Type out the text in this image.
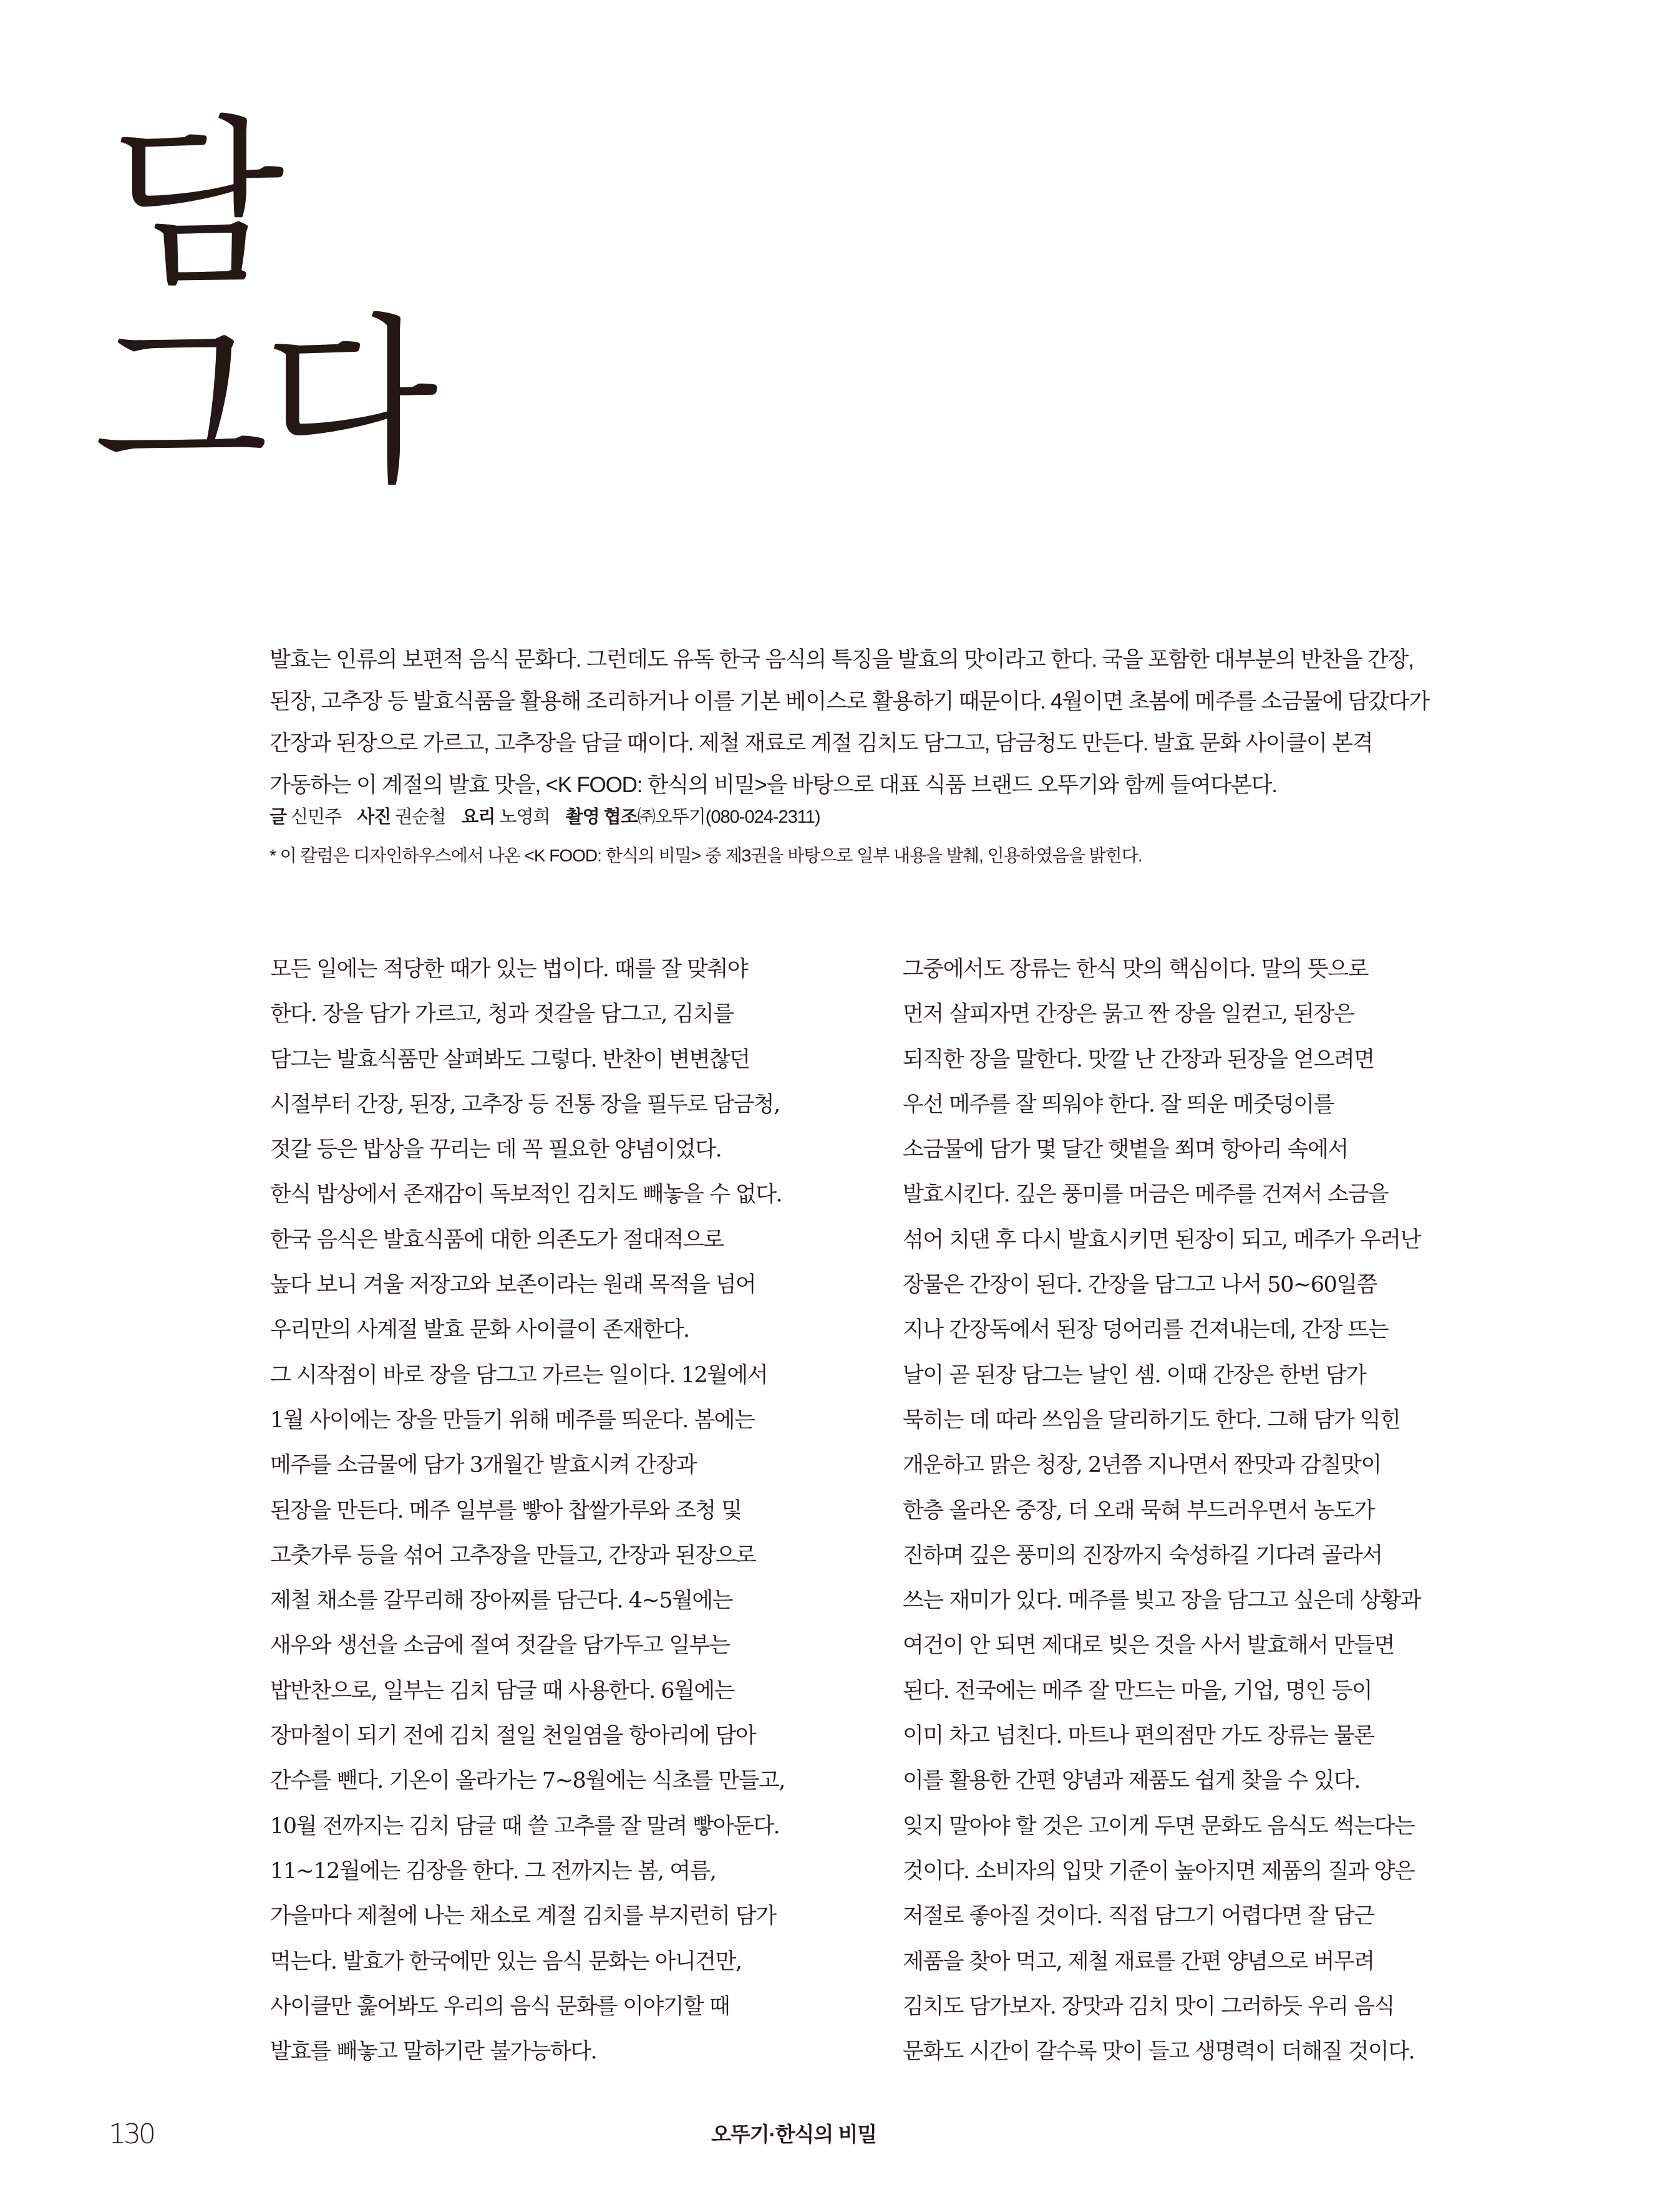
담
그다

발효는 인류의 보편적 음식 문화다. 그런데도 유독 한국 음식의 특징을 발효의 맛이라고 한다. 국을 포함한 대부분의 반찬을 간장,

된장, 고추장 등 발효식품을 활용해 조리하거나 이를 기본 베이스로 활용하기 때문이다. 4월이면 초봄에 메주를 소금물에 담갔다가

간장과 된장으로 가르고, 고추장을 담글 때이다. 제철 재료로 계절 김치도 담그고, 담금청도 만든다. 발효 문화 사이클이 본격

가동하는 이 계절의 발효 맛을, <K FOOD: 한식의 비밀>을 바탕으로 대표 식품 브랜드 오뚜기와 함께 들여다본다.

글 신민주 사진 권순철 요리 노영희 촬영 협조㈜오뚜기(080-024-2311)
* 이 칼럼은 디자인하우스에서 나온 <K FOOD: 한식의 비밀> 중 제3권을 바탕으로 일부 내용을 발췌, 인용하였음을 밝힌다.

모든 일에는 적당한 때가 있는 법이다. 때를 잘 맞춰야

한다. 장을 담가 가르고, 청과 젓갈을 담그고, 김치를

담그는 발효식품만 살펴봐도 그렇다. 반찬이 변변찮던

시절부터 간장, 된장, 고추장 등 전통 장을 필두로 담금청,

젓갈 등은 밥상을 꾸리는 데 꼭 필요한 양념이었다.

한식 밥상에서 존재감이 독보적인 김치도 빼놓을 수 없다.

한국 음식은 발효식품에 대한 의존도가 절대적으로

높다 보니 겨울 저장고와 보존이라는 원래 목적을 넘어

우리만의 사계절 발효 문화 사이클이 존재한다.

그 시작점이 바로 장을 담그고 가르는 일이다. 12월에서

1월 사이에는 장을 만들기 위해 메주를 띄운다. 봄에는

메주를 소금물에 담가 3개월간 발효시켜 간장과

된장을 만든다. 메주 일부를 빻아 찹쌀가루와 조청 및

고춧가루 등을 섞어 고추장을 만들고, 간장과 된장으로

제철 채소를 갈무리해 장아찌를 담근다. 4~5월에는

새우와 생선을 소금에 절여 젓갈을 담가두고 일부는

밥반찬으로, 일부는 김치 담글 때 사용한다. 6월에는

장마철이 되기 전에 김치 절일 천일염을 항아리에 담아

간수를 뺀다. 기온이 올라가는 7~8월에는 식초를 만들고,

10월 전까지는 김치 담글 때 쓸 고추를 잘 말려 빻아둔다.

11~12월에는 김장을 한다. 그 전까지는 봄, 여름,

가을마다 제철에 나는 채소로 계절 김치를 부지런히 담가

먹는다. 발효가 한국에만 있는 음식 문화는 아니건만,

사이클만 훑어봐도 우리의 음식 문화를 이야기할 때

발효를 빼놓고 말하기란 불가능하다.

그중에서도 장류는 한식 맛의 핵심이다. 말의 뜻으로

먼저 살피자면 간장은 묽고 짠 장을 일컫고, 된장은

되직한 장을 말한다. 맛깔 난 간장과 된장을 얻으려면

우선 메주를 잘 띄워야 한다. 잘 띄운 메줏덩이를

소금물에 담가 몇 달간 햇볕을 쬐며 항아리 속에서

발효시킨다. 깊은 풍미를 머금은 메주를 건져서 소금을

섞어 치댄 후 다시 발효시키면 된장이 되고, 메주가 우러난

장물은 간장이 된다. 간장을 담그고 나서 50~60일쯤

지나 간장독에서 된장 덩어리를 건져내는데, 간장 뜨는

날이 곧 된장 담그는 날인 셈. 이때 간장은 한번 담가

묵히는 데 따라 쓰임을 달리하기도 한다. 그해 담가 익힌

개운하고 맑은 청장, 2년쯤 지나면서 짠맛과 감칠맛이

한층 올라온 중장, 더 오래 묵혀 부드러우면서 농도가

진하며 깊은 풍미의 진장까지 숙성하길 기다려 골라서

쓰는 재미가 있다. 메주를 빚고 장을 담그고 싶은데 상황과

여건이 안 되면 제대로 빚은 것을 사서 발효해서 만들면

된다. 전국에는 메주 잘 만드는 마을, 기업, 명인 등이

이미 차고 넘친다. 마트나 편의점만 가도 장류는 물론

이를 활용한 간편 양념과 제품도 쉽게 찾을 수 있다.

잊지 말아야 할 것은 고이게 두면 문화도 음식도 썩는다는

것이다. 소비자의 입맛 기준이 높아지면 제품의 질과 양은

저절로 좋아질 것이다. 직접 담그기 어렵다면 잘 담근

제품을 찾아 먹고, 제철 재료를 간편 양념으로 버무려

김치도 담가보자. 장맛과 김치 맛이 그러하듯 우리 음식

문화도 시간이 갈수록 맛이 들고 생명력이 더해질 것이다.

130	오뚜기·한식의 비밀
